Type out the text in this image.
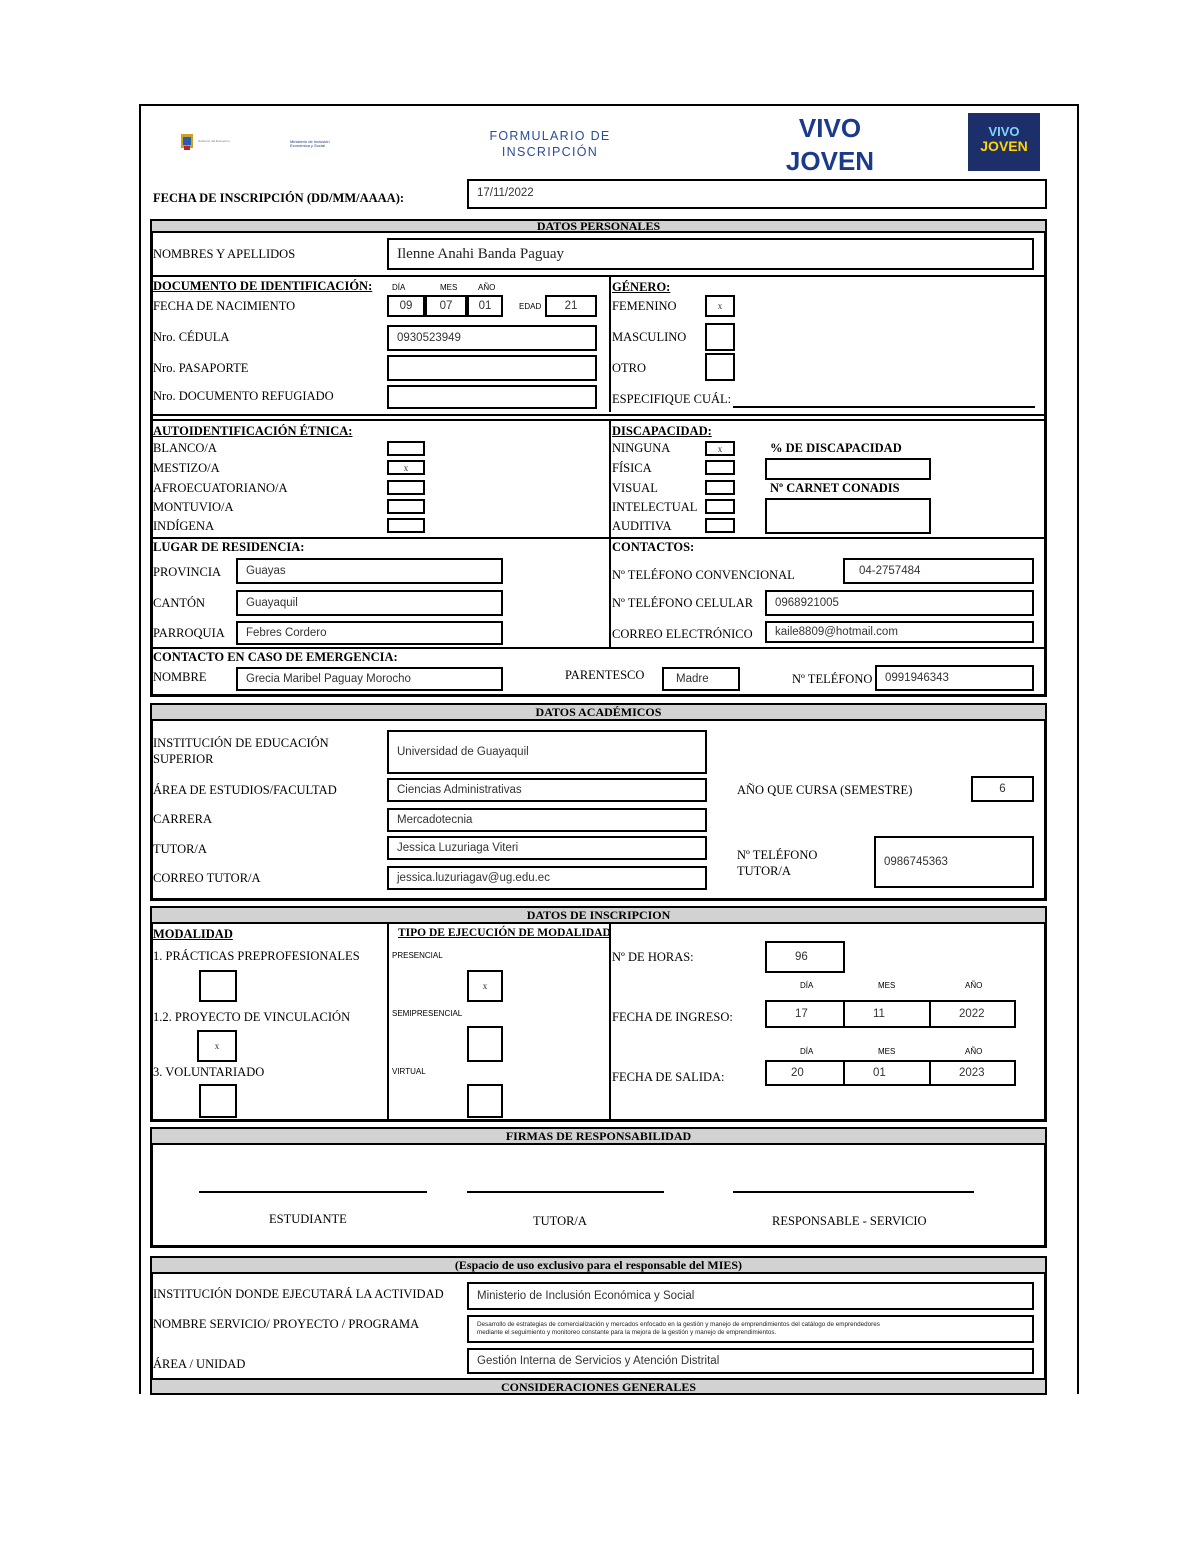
Gobierno del Encuentro	Ministerio de Inclusión Económica y Social
FORMULARIO DE
INSCRIPCIÓN
VIVO
JOVEN
VIVO
JOVEN
FECHA DE INSCRIPCIÓN (DD/MM/AAAA):	17/11/2022
DATOS PERSONALES
NOMBRES Y APELLIDOS	Ilenne Anahi Banda Paguay
DOCUMENTO DE IDENTIFICACIÓN: DÍA	MES	AÑO
FECHA DE NACIMIENTO	09	07	01	EDAD	21
Nro. CÉDULA	0930523949
Nro. PASAPORTE
Nro. DOCUMENTO REFUGIADO
GÉNERO:
FEMENINO	x
MASCULINO
OTRO
ESPECIFIQUE CUÁL:
AUTOIDENTIFICACIÓN ÉTNICA:
BLANCO/A
MESTIZO/A	x
AFROECUATORIANO/A
MONTUVIO/A
INDÍGENA
DISCAPACIDAD:
NINGUNA	x
FÍSICA
VISUAL
INTELECTUAL
AUDITIVA
% DE DISCAPACIDAD
Nº CARNET CONADIS
LUGAR DE RESIDENCIA:
PROVINCIA	Guayas
CANTÓN	Guayaquil
PARROQUIA	Febres Cordero
CONTACTOS:
Nº TELÉFONO CONVENCIONAL	04-2757484
Nº TELÉFONO CELULAR	0968921005
CORREO ELECTRÓNICO	kaile8809@hotmail.com
CONTACTO EN CASO DE EMERGENCIA:
NOMBRE	Grecia Maribel Paguay Morocho	PARENTESCO	Madre	Nº TELÉFONO	0991946343
DATOS ACADÉMICOS
INSTITUCIÓN DE EDUCACIÓN
SUPERIOR	Universidad de Guayaquil
ÁREA DE ESTUDIOS/FACULTAD	Ciencias Administrativas	AÑO QUE CURSA (SEMESTRE)	6
CARRERA	Mercadotecnia
TUTOR/A	Jessica Luzuriaga Viteri
CORREO TUTOR/A	jessica.luzuriagav@ug.edu.ec
Nº TELÉFONO
TUTOR/A
0986745363
DATOS DE INSCRIPCION
MODALIDAD
1. PRÁCTICAS PREPROFESIONALES
1.2. PROYECTO DE VINCULACIÓN
x
3. VOLUNTARIADO
TIPO DE EJECUCIÓN DE MODALIDAD
PRESENCIAL
x
SEMIPRESENCIAL
VIRTUAL
Nº DE HORAS:	96
DÍA	MES	AÑO
FECHA DE INGRESO:	17	11	2022
DÍA	MES	AÑO
FECHA DE SALIDA:	20	01	2023
FIRMAS DE RESPONSABILIDAD
ESTUDIANTE	TUTOR/A	RESPONSABLE - SERVICIO
(Espacio de uso exclusivo para el responsable del MIES)
INSTITUCIÓN DONDE EJECUTARÁ LA ACTIVIDAD	Ministerio de Inclusión Económica y Social
NOMBRE SERVICIO/ PROYECTO / PROGRAMA	Desarrollo de estrategias de comercialización y mercados enfocado en la gestión y manejo de emprendimientos del catálogo de emprendedores
mediante el seguimiento y monitoreo constante para la mejora de la gestión y manejo de emprendimientos.
ÁREA / UNIDAD	Gestión Interna de Servicios y Atención Distrital
CONSIDERACIONES GENERALES
